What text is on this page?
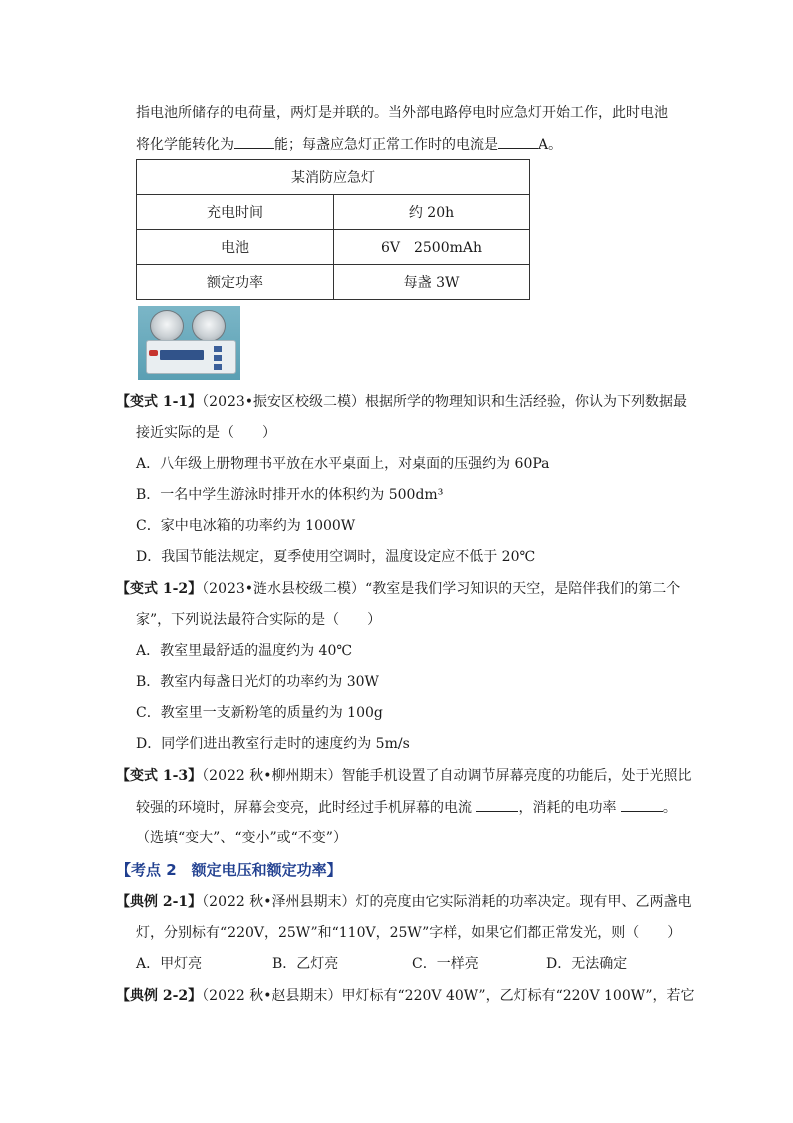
指电池所储存的电荷量，两灯是并联的。当外部电路停电时应急灯开始工作，此时电池
将化学能转化为	能；每盏应急灯正常工作时的电流是	A。
某消防应急灯	
充电时间	约 20h
电池	6V　2500mAh
额定功率	每盏 3W
【变式 1-1】（2023•振安区校级二模）根据所学的物理知识和生活经验，你认为下列数据最
接近实际的是（　　）
A．八年级上册物理书平放在水平桌面上，对桌面的压强约为 60Pa
B．一名中学生游泳时排开水的体积约为 500dm³
C．家中电冰箱的功率约为 1000W
D．我国节能法规定，夏季使用空调时，温度设定应不低于 20℃
【变式 1-2】（2023•涟水县校级二模）“教室是我们学习知识的天空，是陪伴我们的第二个
家”，下列说法最符合实际的是（　　）
A．教室里最舒适的温度约为 40℃
B．教室内每盏日光灯的功率约为 30W
C．教室里一支新粉笔的质量约为 100g
D．同学们进出教室行走时的速度约为 5m/s
【变式 1-3】（2022 秋•柳州期末）智能手机设置了自动调节屏幕亮度的功能后，处于光照比
较强的环境时，屏幕会变亮，此时经过手机屏幕的电流	，消耗的电功率	。
（选填“变大”、“变小”或“不变”）
【考点 2　额定电压和额定功率】
【典例 2-1】（2022 秋•泽州县期末）灯的亮度由它实际消耗的功率决定。现有甲、乙两盏电
灯，分别标有“220V，25W”和“110V，25W”字样，如果它们都正常发光，则（　　）
A．甲灯亮	B．乙灯亮	C．一样亮	D．无法确定
【典例 2-2】（2022 秋•赵县期末）甲灯标有“220V 40W”，乙灯标有“220V 100W”，若它
